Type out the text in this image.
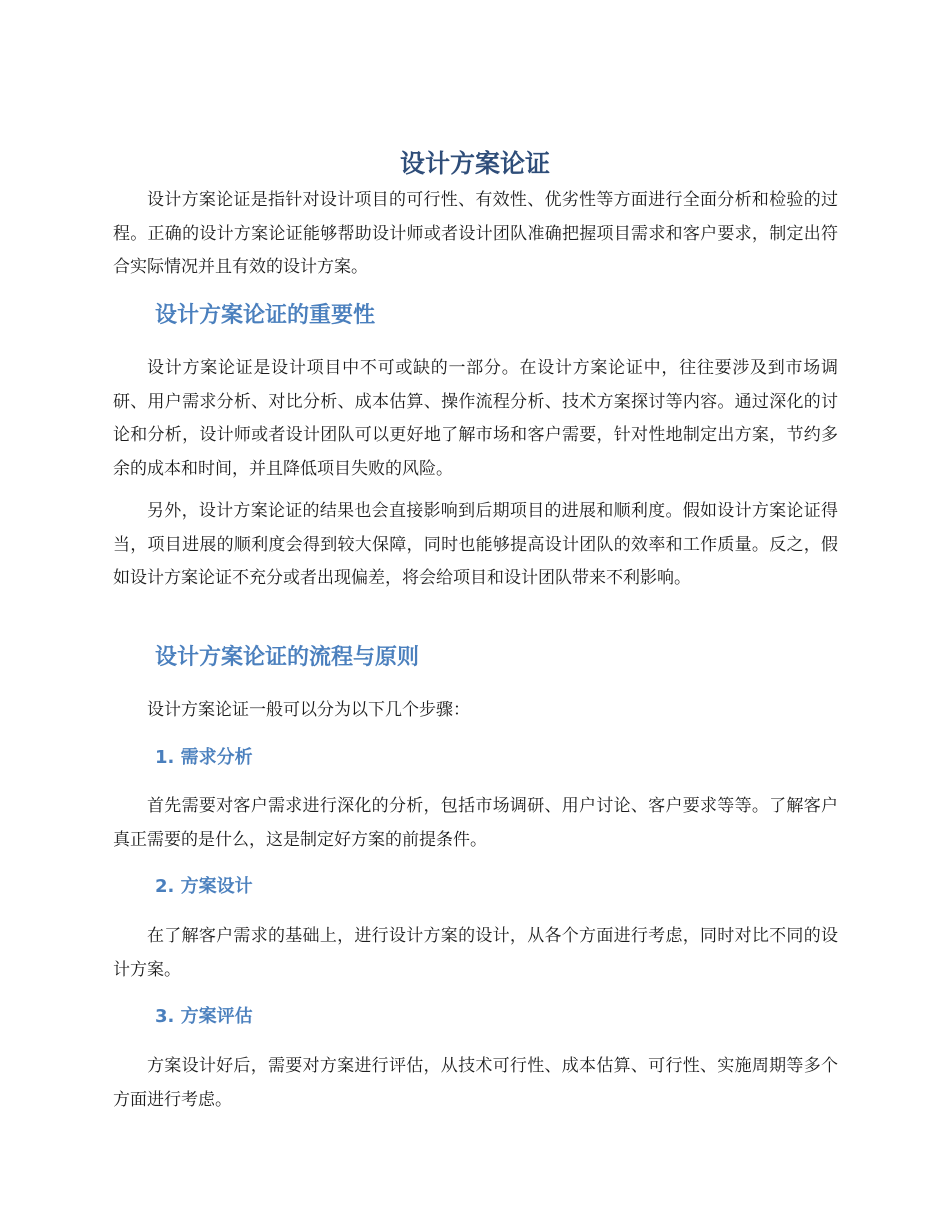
设计方案论证

设计方案论证是指针对设计项目的可行性、有效性、优劣性等方面进行全面分析和检验的过程。正确的设计方案论证能够帮助设计师或者设计团队准确把握项目需求和客户要求，制定出符合实际情况并且有效的设计方案。

设计方案论证的重要性

设计方案论证是设计项目中不可或缺的一部分。在设计方案论证中，往往要涉及到市场调研、用户需求分析、对比分析、成本估算、操作流程分析、技术方案探讨等内容。通过深化的讨论和分析，设计师或者设计团队可以更好地了解市场和客户需要，针对性地制定出方案，节约多余的成本和时间，并且降低项目失败的风险。

另外，设计方案论证的结果也会直接影响到后期项目的进展和顺利度。假如设计方案论证得当，项目进展的顺利度会得到较大保障，同时也能够提高设计团队的效率和工作质量。反之，假如设计方案论证不充分或者出现偏差，将会给项目和设计团队带来不利影响。

设计方案论证的流程与原则

设计方案论证一般可以分为以下几个步骤：

1. 需求分析

首先需要对客户需求进行深化的分析，包括市场调研、用户讨论、客户要求等等。了解客户真正需要的是什么，这是制定好方案的前提条件。

2. 方案设计

在了解客户需求的基础上，进行设计方案的设计，从各个方面进行考虑，同时对比不同的设计方案。

3. 方案评估

方案设计好后，需要对方案进行评估，从技术可行性、成本估算、可行性、实施周期等多个方面进行考虑。
